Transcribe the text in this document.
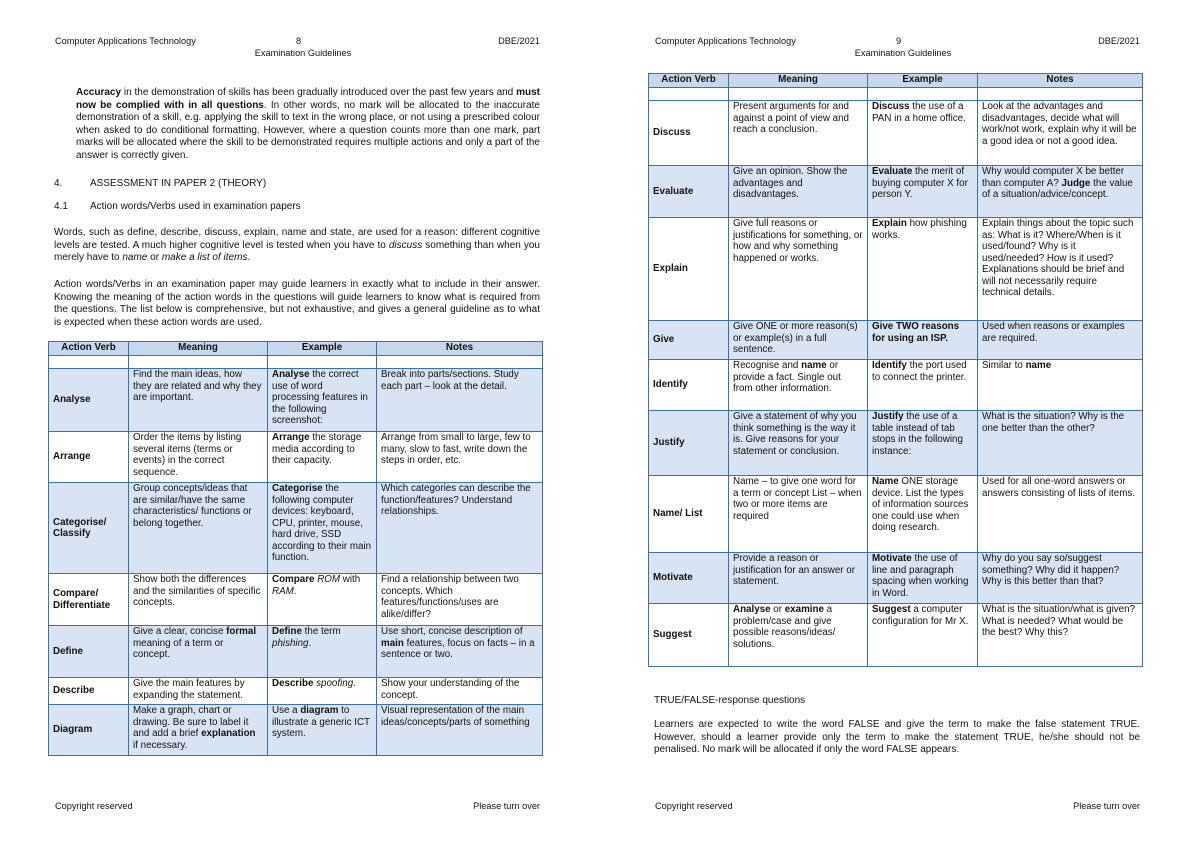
Computer Applications Technology	8	DBE/2021
Examination Guidelines

Accuracy in the demonstration of skills has been gradually introduced over the past few years and must now be complied with in all questions. In other words, no mark will be allocated to the inaccurate demonstration of a skill, e.g. applying the skill to text in the wrong place, or not using a prescribed colour when asked to do conditional formatting. However, where a question counts more than one mark, part marks will be allocated where the skill to be demonstrated requires multiple actions and only a part of the answer is correctly given.

4.	ASSESSMENT IN PAPER 2 (THEORY)
4.1 Action words/Verbs used in examination papers

Words, such as define, describe, discuss, explain, name and state, are used for a reason: different cognitive levels are tested. A much higher cognitive level is tested when you have to discuss something than when you merely have to name or make a list of items.

Action words/Verbs in an examination paper may guide learners in exactly what to include in their answer. Knowing the meaning of the action words in the questions will guide learners to know what is required from the questions. The list below is comprehensive, but not exhaustive, and gives a general guideline as to what is expected when these action words are used.

Action Verb	Meaning	Example	Notes

Analyse	Find the main ideas, how they are related and why they are important.	Analyse the correct use of word processing features in the following screenshot:	Break into parts/sections. Study each part – look at the detail.
Arrange	Order the items by listing several items (terms or events) in the correct sequence.	Arrange the storage media according to their capacity.	Arrange from small to large, few to many, slow to fast, write down the steps in order, etc.
Categorise/ Classify	Group concepts/ideas that are similar/have the same characteristics/ functions or belong together.	Categorise the following computer devices: keyboard, CPU, printer, mouse, hard drive, SSD according to their main function.	Which categories can describe the function/features? Understand relationships.
Compare/ Differentiate	Show both the differences and the similarities of specific concepts.	Compare ROM with RAM.	Find a relationship between two concepts. Which features/functions/uses are alike/differ?
Define	Give a clear, concise formal meaning of a term or concept.	Define the term phishing.	Use short, concise description of main features, focus on facts – in a sentence or two.
Describe	Give the main features by expanding the statement.	Describe spoofing.	Show your understanding of the concept.
Diagram	Make a graph, chart or drawing. Be sure to label it and add a brief explanation if necessary.	Use a diagram to illustrate a generic ICT system.	Visual representation of the main ideas/concepts/parts of something
Copyright reserved	Please turn over
Computer Applications Technology	9	DBE/2021
Examination Guidelines
Action Verb	Meaning	Example	Notes

Discuss	Present arguments for and against a point of view and reach a conclusion.	Discuss the use of a PAN in a home office.	Look at the advantages and disadvantages, decide what will work/not work, explain why it will be a good idea or not a good idea.
Evaluate	Give an opinion. Show the advantages and disadvantages.	Evaluate the merit of buying computer X for person Y.	Why would computer X be better than computer A? Judge the value of a situation/advice/concept.
Explain	Give full reasons or justifications for something, or how and why something happened or works.	Explain how phishing works.	Explain things about the topic such as: What is it? Where/When is it used/found? Why is it used/needed? How is it used? Explanations should be brief and will not necessarily require technical details.
Give	Give ONE or more reason(s) or example(s) in a full sentence.	Give TWO reasons for using an ISP.	Used when reasons or examples are required.
Identify	Recognise and name or provide a fact. Single out from other information.	Identify the port used to connect the printer.	Similar to name
Justify	Give a statement of why you think something is the way it is. Give reasons for your statement or conclusion.	Justify the use of a table instead of tab stops in the following instance:	What is the situation? Why is the one better than the other?
Name/ List	Name – to give one word for a term or concept List – when two or more items are required	Name ONE storage device. List the types of information sources one could use when doing research.	Used for all one-word answers or answers consisting of lists of items.
Motivate	Provide a reason or justification for an answer or statement.	Motivate the use of line and paragraph spacing when working in Word.	Why do you say so/suggest something? Why did it happen? Why is this better than that?
Suggest	Analyse or examine a problem/case and give possible reasons/ideas/ solutions.	Suggest a computer configuration for Mr X.	What is the situation/what is given? What is needed? What would be the best? Why this?
TRUE/FALSE-response questions

Learners are expected to write the word FALSE and give the term to make the false statement TRUE. However, should a learner provide only the term to make the statement TRUE, he/she should not be penalised. No mark will be allocated if only the word FALSE appears.

Copyright reserved	Please turn over
